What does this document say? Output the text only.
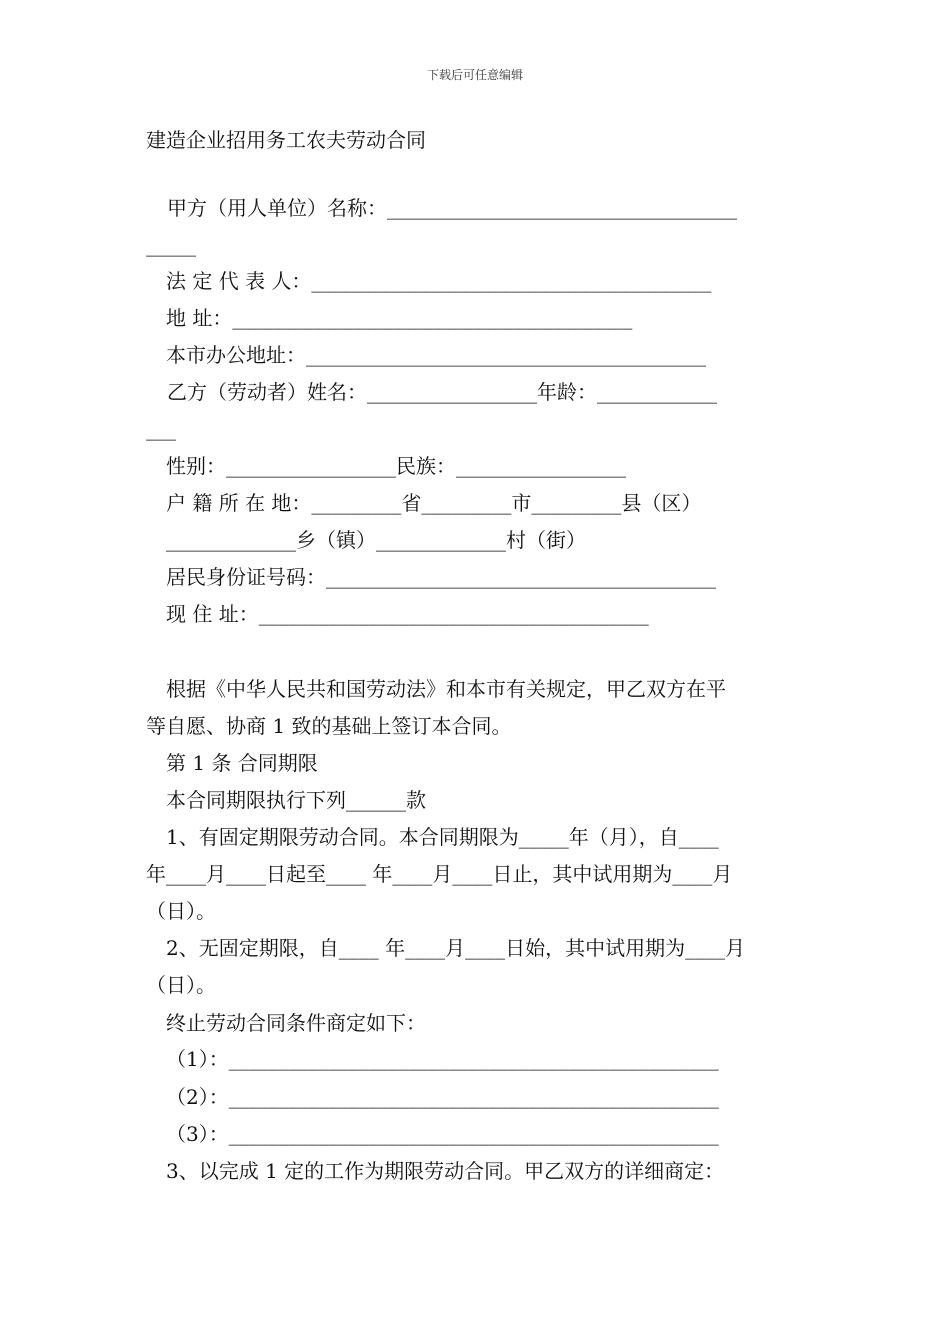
下载后可任意编辑
建造企业招用务工农夫劳动合同
甲方（用人单位）名称：___________________________________
_____
法 定 代 表 人：________________________________________
地 址：________________________________________
本市办公地址：________________________________________
乙方（劳动者）姓名：_________________年龄：____________
___
性别：_________________民族：_________________
户 籍 所 在 地：_________省_________市_________县（区）
_____________乡（镇）_____________村（街）
居民身份证号码：_______________________________________
现 住 址：_______________________________________
根据《中华人民共和国劳动法》和本市有关规定，甲乙双方在平
等自愿、协商 1 致的基础上签订本合同。
第 1 条 合同期限
本合同期限执行下列______款
1、有固定期限劳动合同。本合同期限为_____年（月），自____
年____月____日起至____ 年____月____日止，其中试用期为____月
（日）。
2、无固定期限，自____ 年____月____日始，其中试用期为____月
（日）。
终止劳动合同条件商定如下：
（1）：_________________________________________________
（2）：_________________________________________________
（3）：_________________________________________________
3、以完成 1 定的工作为期限劳动合同。甲乙双方的详细商定：
